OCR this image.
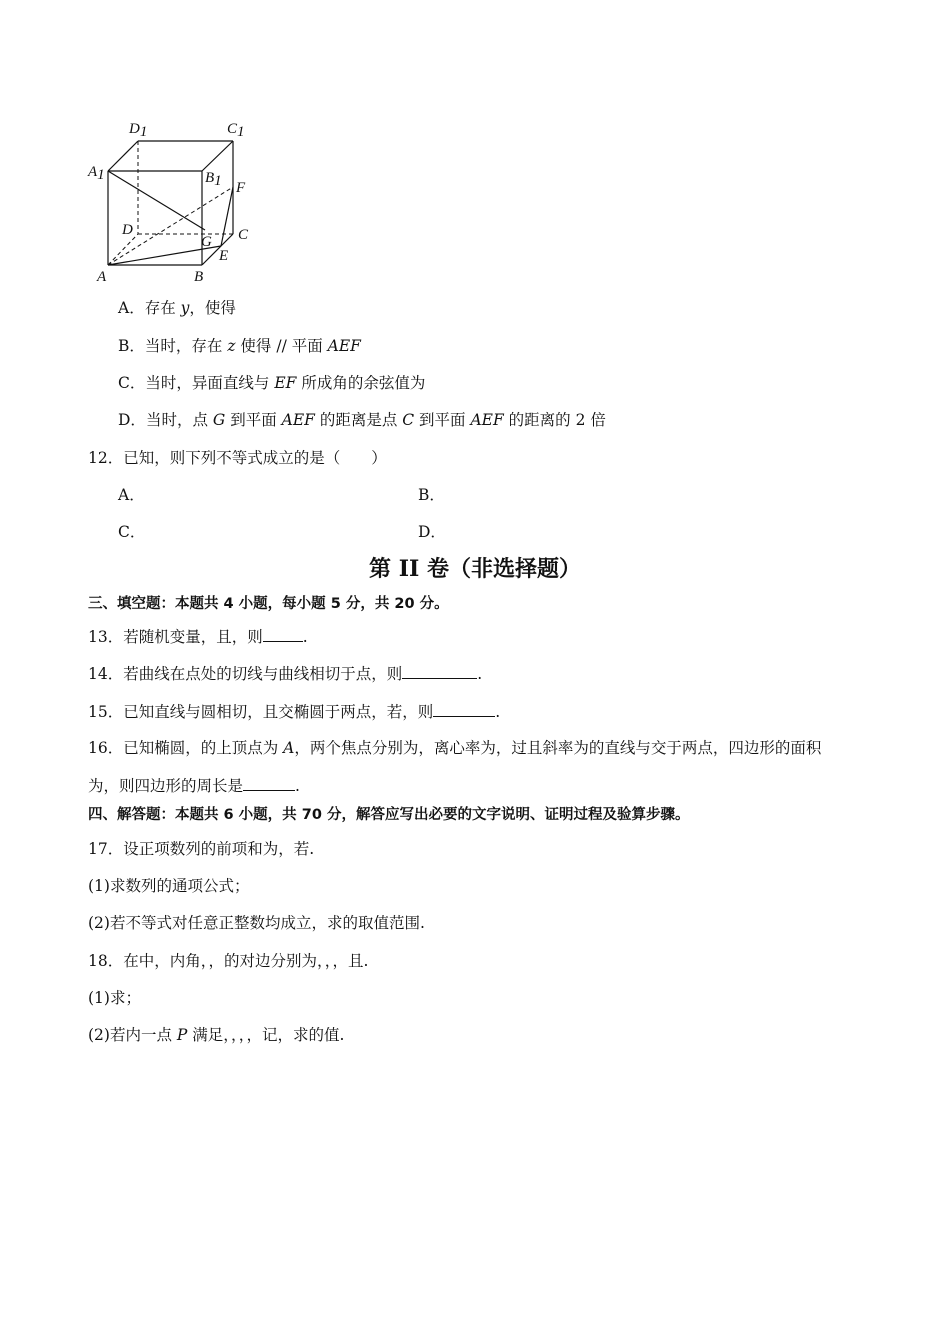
D1	C1
A1	B1 F
D	C
G
E
A	B
A．存在 y，使得
B．当时，存在 z 使得 // 平面 AEF
C．当时，异面直线与 EF 所成角的余弦值为
D．当时，点 G 到平面 AEF 的距离是点 C 到平面 AEF 的距离的 2 倍
12．已知，则下列不等式成立的是（　　）
A．	B．
C．	D．
第 II 卷（非选择题）
三、填空题：本题共 4 小题，每小题 5 分，共 20 分。
13．若随机变量，且，则	.
14．若曲线在点处的切线与曲线相切于点，则	.
15．已知直线与圆相切，且交椭圆于两点，若，则	.
16．已知椭圆，的上顶点为 A，两个焦点分别为，离心率为，过且斜率为的直线与交于两点，四边形的面积
为，则四边形的周长是	.
四、解答题：本题共 6 小题，共 70 分，解答应写出必要的文字说明、证明过程及验算步骤。
17．设正项数列的前项和为，若.
(1)求数列的通项公式；
(2)若不等式对任意正整数均成立，求的取值范围.
18．在中，内角，，的对边分别为，，，且.
(1)求；
(2)若内一点 P 满足，，，，记，求的值.
